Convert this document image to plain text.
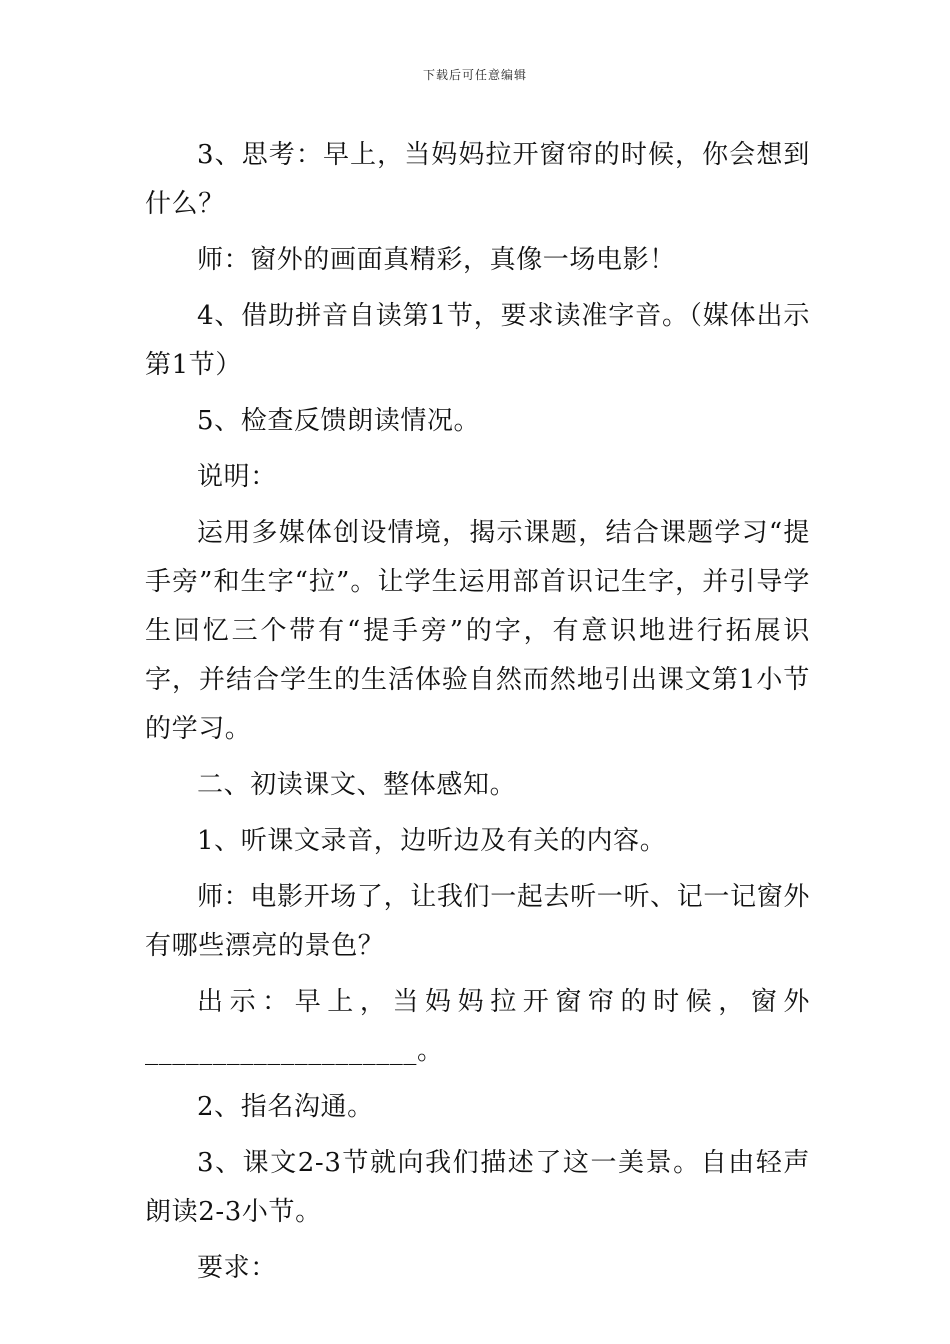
下载后可任意编辑

3、思考：早上，当妈妈拉开窗帘的时候，你会想到什么？

师：窗外的画面真精彩，真像一场电影！

4、借助拼音自读第1节，要求读准字音。（媒体出示第1节）

5、检查反馈朗读情况。

说明：

运用多媒体创设情境，揭示课题，结合课题学习“提手旁”和生字“拉”。让学生运用部首识记生字，并引导学生回忆三个带有“提手旁”的字，有意识地进行拓展识字，并结合学生的生活体验自然而然地引出课文第1小节的学习。

二、初读课文、整体感知。

1、听课文录音，边听边及有关的内容。

师：电影开场了，让我们一起去听一听、记一记窗外有哪些漂亮的景色？

出示：早上，当妈妈拉开窗帘的时候，窗外____________________。

2、指名沟通。

3、课文2-3节就向我们描述了这一美景。自由轻声朗读2-3小节。

要求：
